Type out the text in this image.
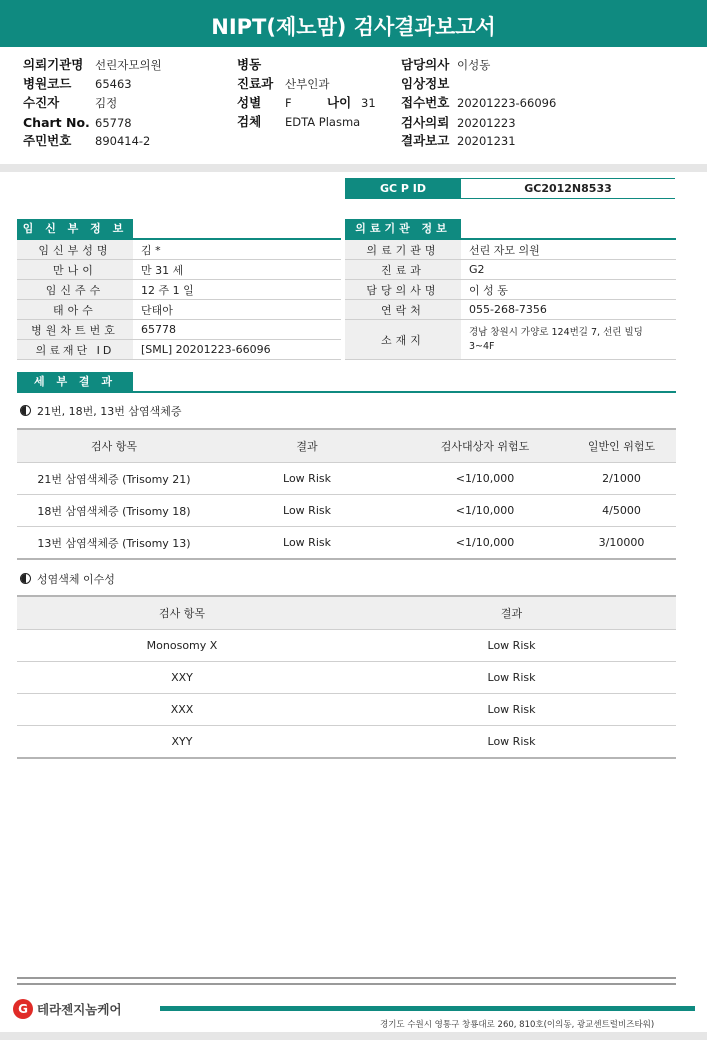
NIPT(제노맘) 검사결과보고서
의뢰기관명 선린자모의원
병원코드 65463
수진자	김정
Chart No. 65778
주민번호 890414-2
병동
진료과 산부인과
성별 F	나이 31
검체 EDTA Plasma
담당의사 이성동
임상정보
접수번호 20201223-66096
검사의뢰 20201223
결과보고 20201231
GC P ID	GC2012N8533
임 신 부 정 보
임신부성명	김 *
만나이	만 31 세
임신주수	12 주 1 일
태아수	단태아
병원차트번호	65778
의료재단 ID	[SML] 20201223-66096
의료기관 정보
의료기관명	선린 자모 의원
진료과	G2
담당의사명	이 성 동
연락처	055-268-7356
소재지	경남 창원시 가양로 124번길 7, 선린 빌딩 3~4F
세 부 결 과
21번, 18번, 13번 삼염색체증
검사 항목	결과	검사대상자 위험도	일반인 위험도
21번 삼염색체증 (Trisomy 21)	Low Risk	<1/10,000	2/1000
18번 삼염색체증 (Trisomy 18)	Low Risk	<1/10,000	4/5000
13번 삼염색체증 (Trisomy 13)	Low Risk	<1/10,000	3/10000
성염색체 이수성
검사 항목	결과
Monosomy X	Low Risk
XXY	Low Risk
XXX	Low Risk
XYY	Low Risk
G 테라젠지놈케어
경기도 수원시 영통구 창룡대로 260, 810호(이의동, 광교센트럴비즈타워)
